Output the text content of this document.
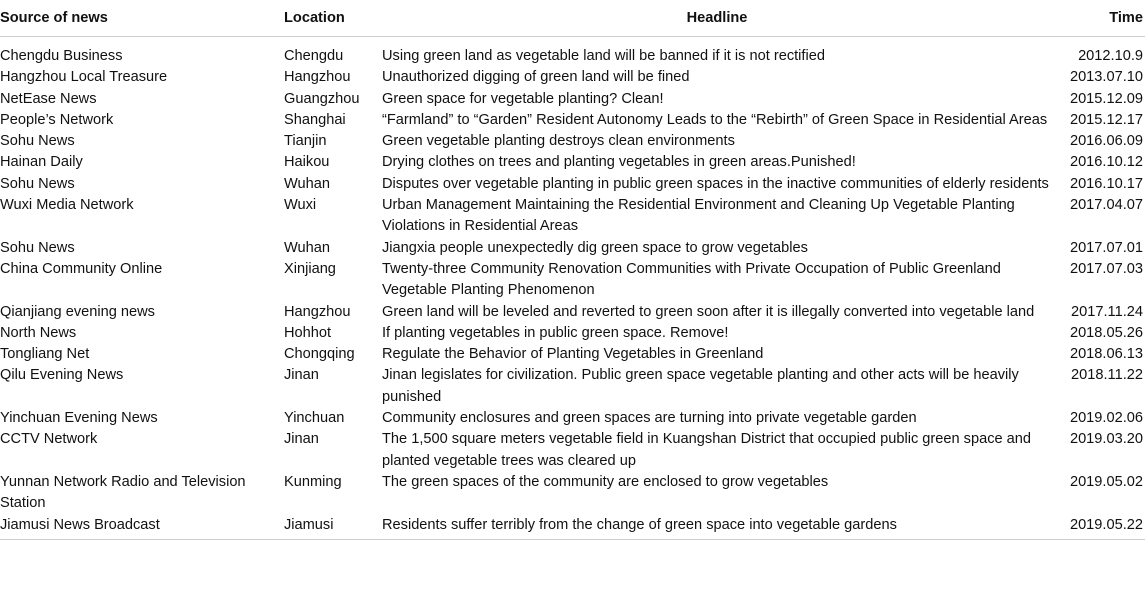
Source of news	Location	Headline	Time
Chengdu Business	Chengdu	Using green land as vegetable land will be banned if it is not rectified	2012.10.9
Hangzhou Local Treasure	Hangzhou	Unauthorized digging of green land will be fined	2013.07.10
NetEase News	Guangzhou	Green space for vegetable planting? Clean!	2015.12.09
People’s Network	Shanghai	“Farmland” to “Garden” Resident Autonomy Leads to the “Rebirth” of Green Space in Residential Areas	2015.12.17
Sohu News	Tianjin	Green vegetable planting destroys clean environments	2016.06.09
Hainan Daily	Haikou	Drying clothes on trees and planting vegetables in green areas.Punished!	2016.10.12
Sohu News	Wuhan	Disputes over vegetable planting in public green spaces in the inactive communities of elderly residents	2016.10.17
Wuxi Media Network	Wuxi	Urban Management Maintaining the Residential Environment and Cleaning Up Vegetable Planting Violations in Residential Areas	2017.04.07
Sohu News	Wuhan	Jiangxia people unexpectedly dig green space to grow vegetables	2017.07.01
China Community Online	Xinjiang	Twenty-three Community Renovation Communities with Private Occupation of Public Greenland Vegetable Planting Phenomenon	2017.07.03
Qianjiang evening news	Hangzhou	Green land will be leveled and reverted to green soon after it is illegally converted into vegetable land	2017.11.24
North News	Hohhot	If planting vegetables in public green space. Remove!	2018.05.26
Tongliang Net	Chongqing	Regulate the Behavior of Planting Vegetables in Greenland	2018.06.13
Qilu Evening News	Jinan	Jinan legislates for civilization. Public green space vegetable planting and other acts will be heavily punished	2018.11.22
Yinchuan Evening News	Yinchuan	Community enclosures and green spaces are turning into private vegetable garden	2019.02.06
CCTV Network	Jinan	The 1,500 square meters vegetable field in Kuangshan District that occupied public green space and planted vegetable trees was cleared up	2019.03.20
Yunnan Network Radio and Television Station	Kunming	The green spaces of the community are enclosed to grow vegetables	2019.05.02
Jiamusi News Broadcast	Jiamusi	Residents suffer terribly from the change of green space into vegetable gardens	2019.05.22
